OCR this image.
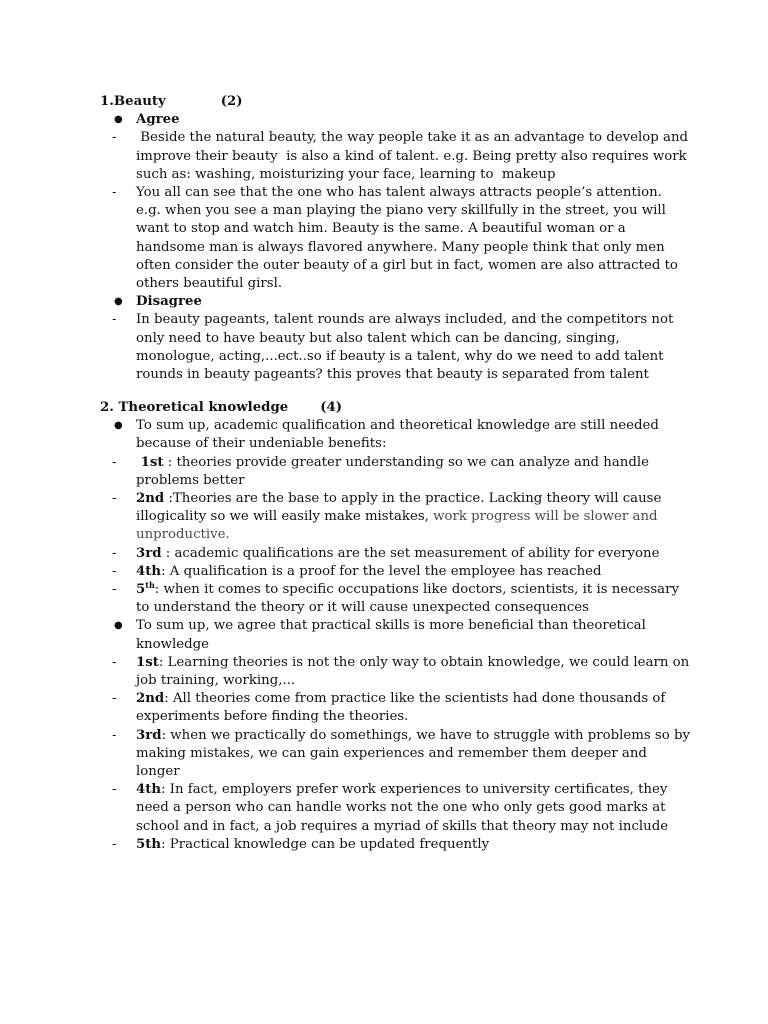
1.Beauty	(2)
● Agree
-	Beside the natural beauty, the way people take it as an advantage to develop and improve their beauty  is also a kind of talent. e.g. Being pretty also requires work such as: washing, moisturizing your face, learning to  makeup
-	You all can see that the one who has talent always attracts people’s attention. e.g. when you see a man playing the piano very skillfully in the street, you will want to stop and watch him. Beauty is the same. A beautiful woman or a handsome man is always flavored anywhere. Many people think that only men often consider the outer beauty of a girl but in fact, women are also attracted to others beautiful girsl.
● Disagree
-	In beauty pageants, talent rounds are always included, and the competitors not only need to have beauty but also talent which can be dancing, singing, monologue, acting,...ect..so if beauty is a talent, why do we need to add talent rounds in beauty pageants? this proves that beauty is separated from talent
2. Theoretical knowledge (4)
● To sum up, academic qualification and theoretical knowledge are still needed because of their undeniable benefits:
-	1st : theories provide greater understanding so we can analyze and handle problems better
-	2nd :Theories are the base to apply in the practice. Lacking theory will cause illogicality so we will easily make mistakes, work progress will be slower and unproductive.
-	3rd : academic qualifications are the set measurement of ability for everyone
-	4th: A qualification is a proof for the level the employee has reached
-	5th: when it comes to specific occupations like doctors, scientists, it is necessary to understand the theory or it will cause unexpected consequences
● To sum up, we agree that practical skills is more beneficial than theoretical knowledge
-	1st: Learning theories is not the only way to obtain knowledge, we could learn on job training, working,...
-	2nd: All theories come from practice like the scientists had done thousands of experiments before finding the theories.
-	3rd: when we practically do somethings, we have to struggle with problems so by making mistakes, we can gain experiences and remember them deeper and longer
-	4th: In fact, employers prefer work experiences to university certificates, they need a person who can handle works not the one who only gets good marks at school and in fact, a job requires a myriad of skills that theory may not include
-	5th: Practical knowledge can be updated frequently
